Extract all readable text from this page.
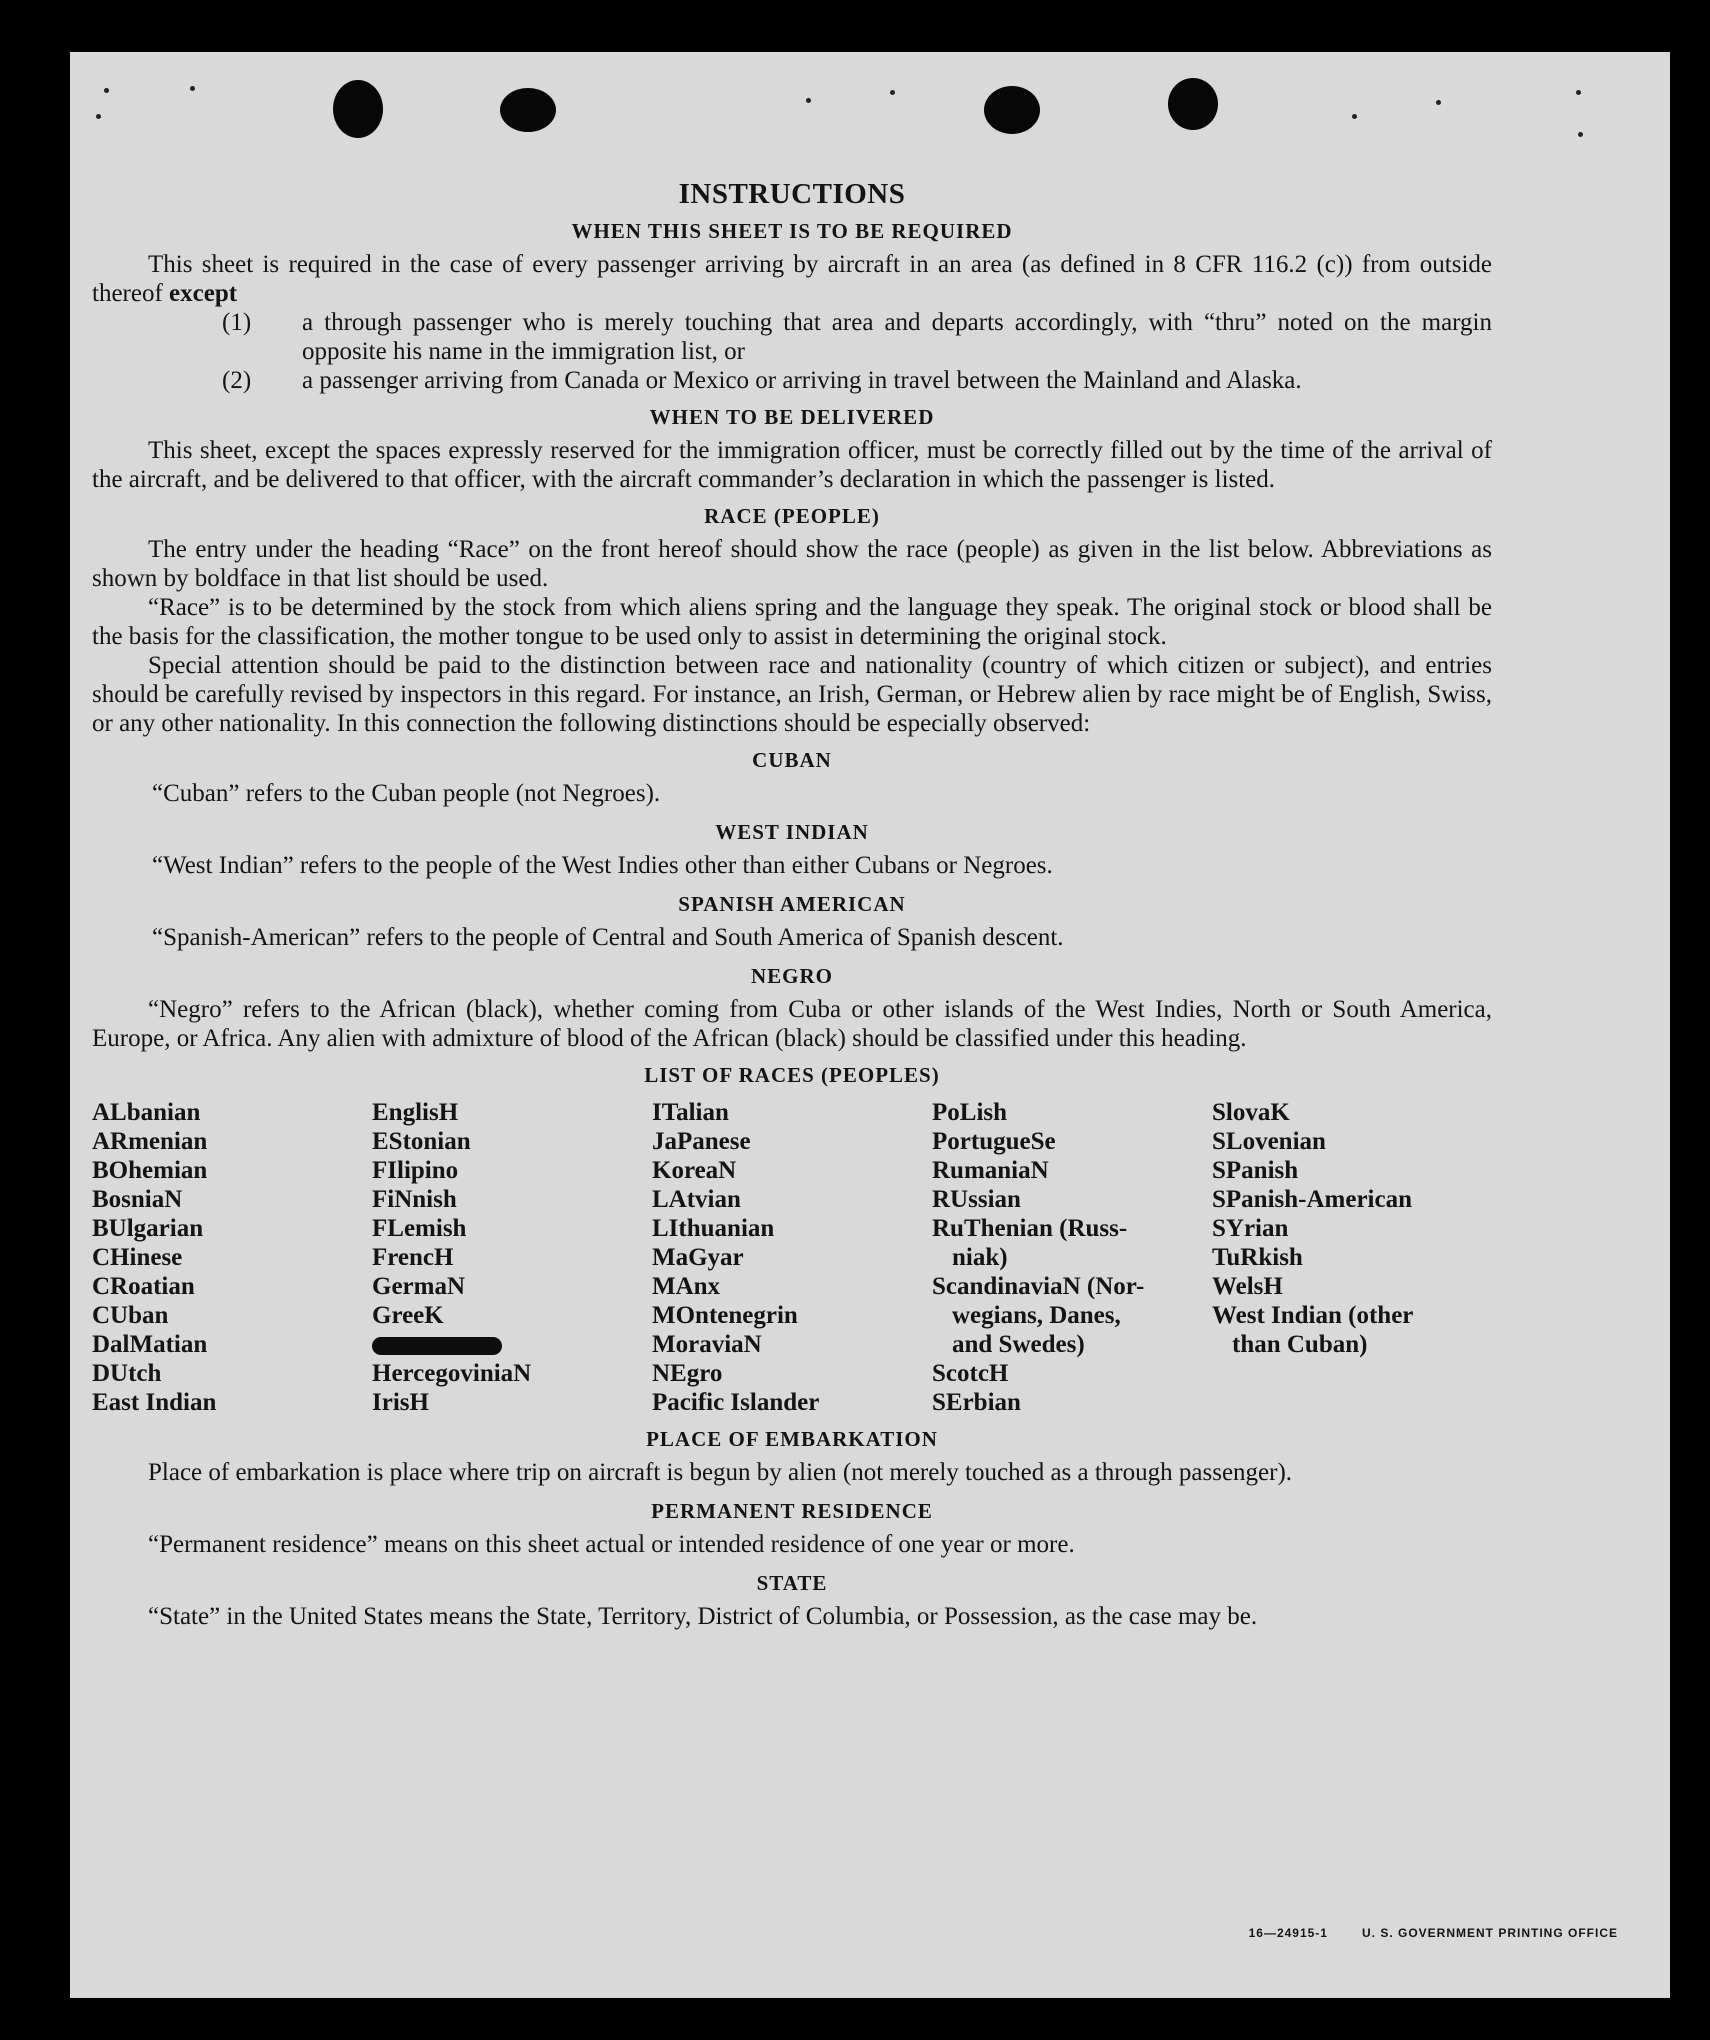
INSTRUCTIONS
WHEN THIS SHEET IS TO BE REQUIRED

This sheet is required in the case of every passenger arriving by aircraft in an area (as defined in 8 CFR 116.2 (c)) from outside thereof except

(1) a through passenger who is merely touching that area and departs accordingly, with “thru” noted on the margin opposite his name in the immigration list, or
(2) a passenger arriving from Canada or Mexico or arriving in travel between the Mainland and Alaska.
WHEN TO BE DELIVERED

This sheet, except the spaces expressly reserved for the immigration officer, must be correctly filled out by the time of the arrival of the aircraft, and be delivered to that officer, with the aircraft commander’s declaration in which the passenger is listed.

RACE (PEOPLE)

The entry under the heading “Race” on the front hereof should show the race (people) as given in the list below. Abbreviations as shown by boldface in that list should be used.

“Race” is to be determined by the stock from which aliens spring and the language they speak. The original stock or blood shall be the basis for the classification, the mother tongue to be used only to assist in determining the original stock.

Special attention should be paid to the distinction between race and nationality (country of which citizen or subject), and entries should be carefully revised by inspectors in this regard. For instance, an Irish, German, or Hebrew alien by race might be of English, Swiss, or any other nationality. In this connection the following distinctions should be especially observed:

CUBAN
“Cuban” refers to the Cuban people (not Negroes).
WEST INDIAN
“West Indian” refers to the people of the West Indies other than either Cubans or Negroes.
SPANISH AMERICAN
“Spanish-American” refers to the people of Central and South America of Spanish descent.
NEGRO

“Negro” refers to the African (black), whether coming from Cuba or other islands of the West Indies, North or South America, Europe, or Africa. Any alien with admixture of blood of the African (black) should be classified under this heading.

LIST OF RACES (PEOPLES)
ALbanian
ARmenian
BOhemian
BosniaN
BUlgarian
CHinese
CRoatian
CUban
DalMatian
DUtch
East Indian
EnglisH
EStonian
FIlipino
FiNnish
FLemish
FrencH
GermaN
GreeK
HercegoviniaN
IrisH
ITalian
JaPanese
KoreaN
LAtvian
LIthuanian
MaGyar
MAnx
MOntenegrin
MoraviaN
NEgro
Pacific Islander
PoLish
PortugueSe
RumaniaN
RUssian
RuThenian (Russ-
niak)
ScandinaviaN (Nor-
wegians, Danes,
and Swedes)
ScotcH
SErbian
SlovaK
SLovenian
SPanish
SPanish-American
SYrian
TuRkish
WelsH
West Indian (other
than Cuban)
PLACE OF EMBARKATION

Place of embarkation is place where trip on aircraft is begun by alien (not merely touched as a through passenger).

PERMANENT RESIDENCE

“Permanent residence” means on this sheet actual or intended residence of one year or more.

STATE

“State” in the United States means the State, Territory, District of Columbia, or Possession, as the case may be.

16—24915-1	U. S. GOVERNMENT PRINTING OFFICE
